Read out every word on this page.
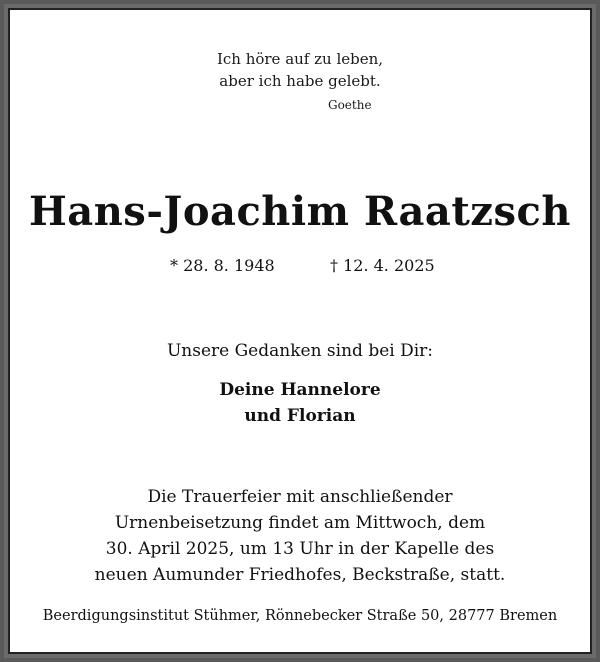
Ich höre auf zu leben,
aber ich habe gelebt.
Goethe
Hans-Joachim Raatzsch
* 28. 8. 1948	† 12. 4. 2025
Unsere Gedanken sind bei Dir:
Deine Hannelore
und Florian
Die Trauerfeier mit anschließender
Urnenbeisetzung findet am Mittwoch, dem
30. April 2025, um 13 Uhr in der Kapelle des
neuen Aumunder Friedhofes, Beckstraße, statt.
Beerdigungsinstitut Stühmer, Rönnebecker Straße 50, 28777 Bremen
